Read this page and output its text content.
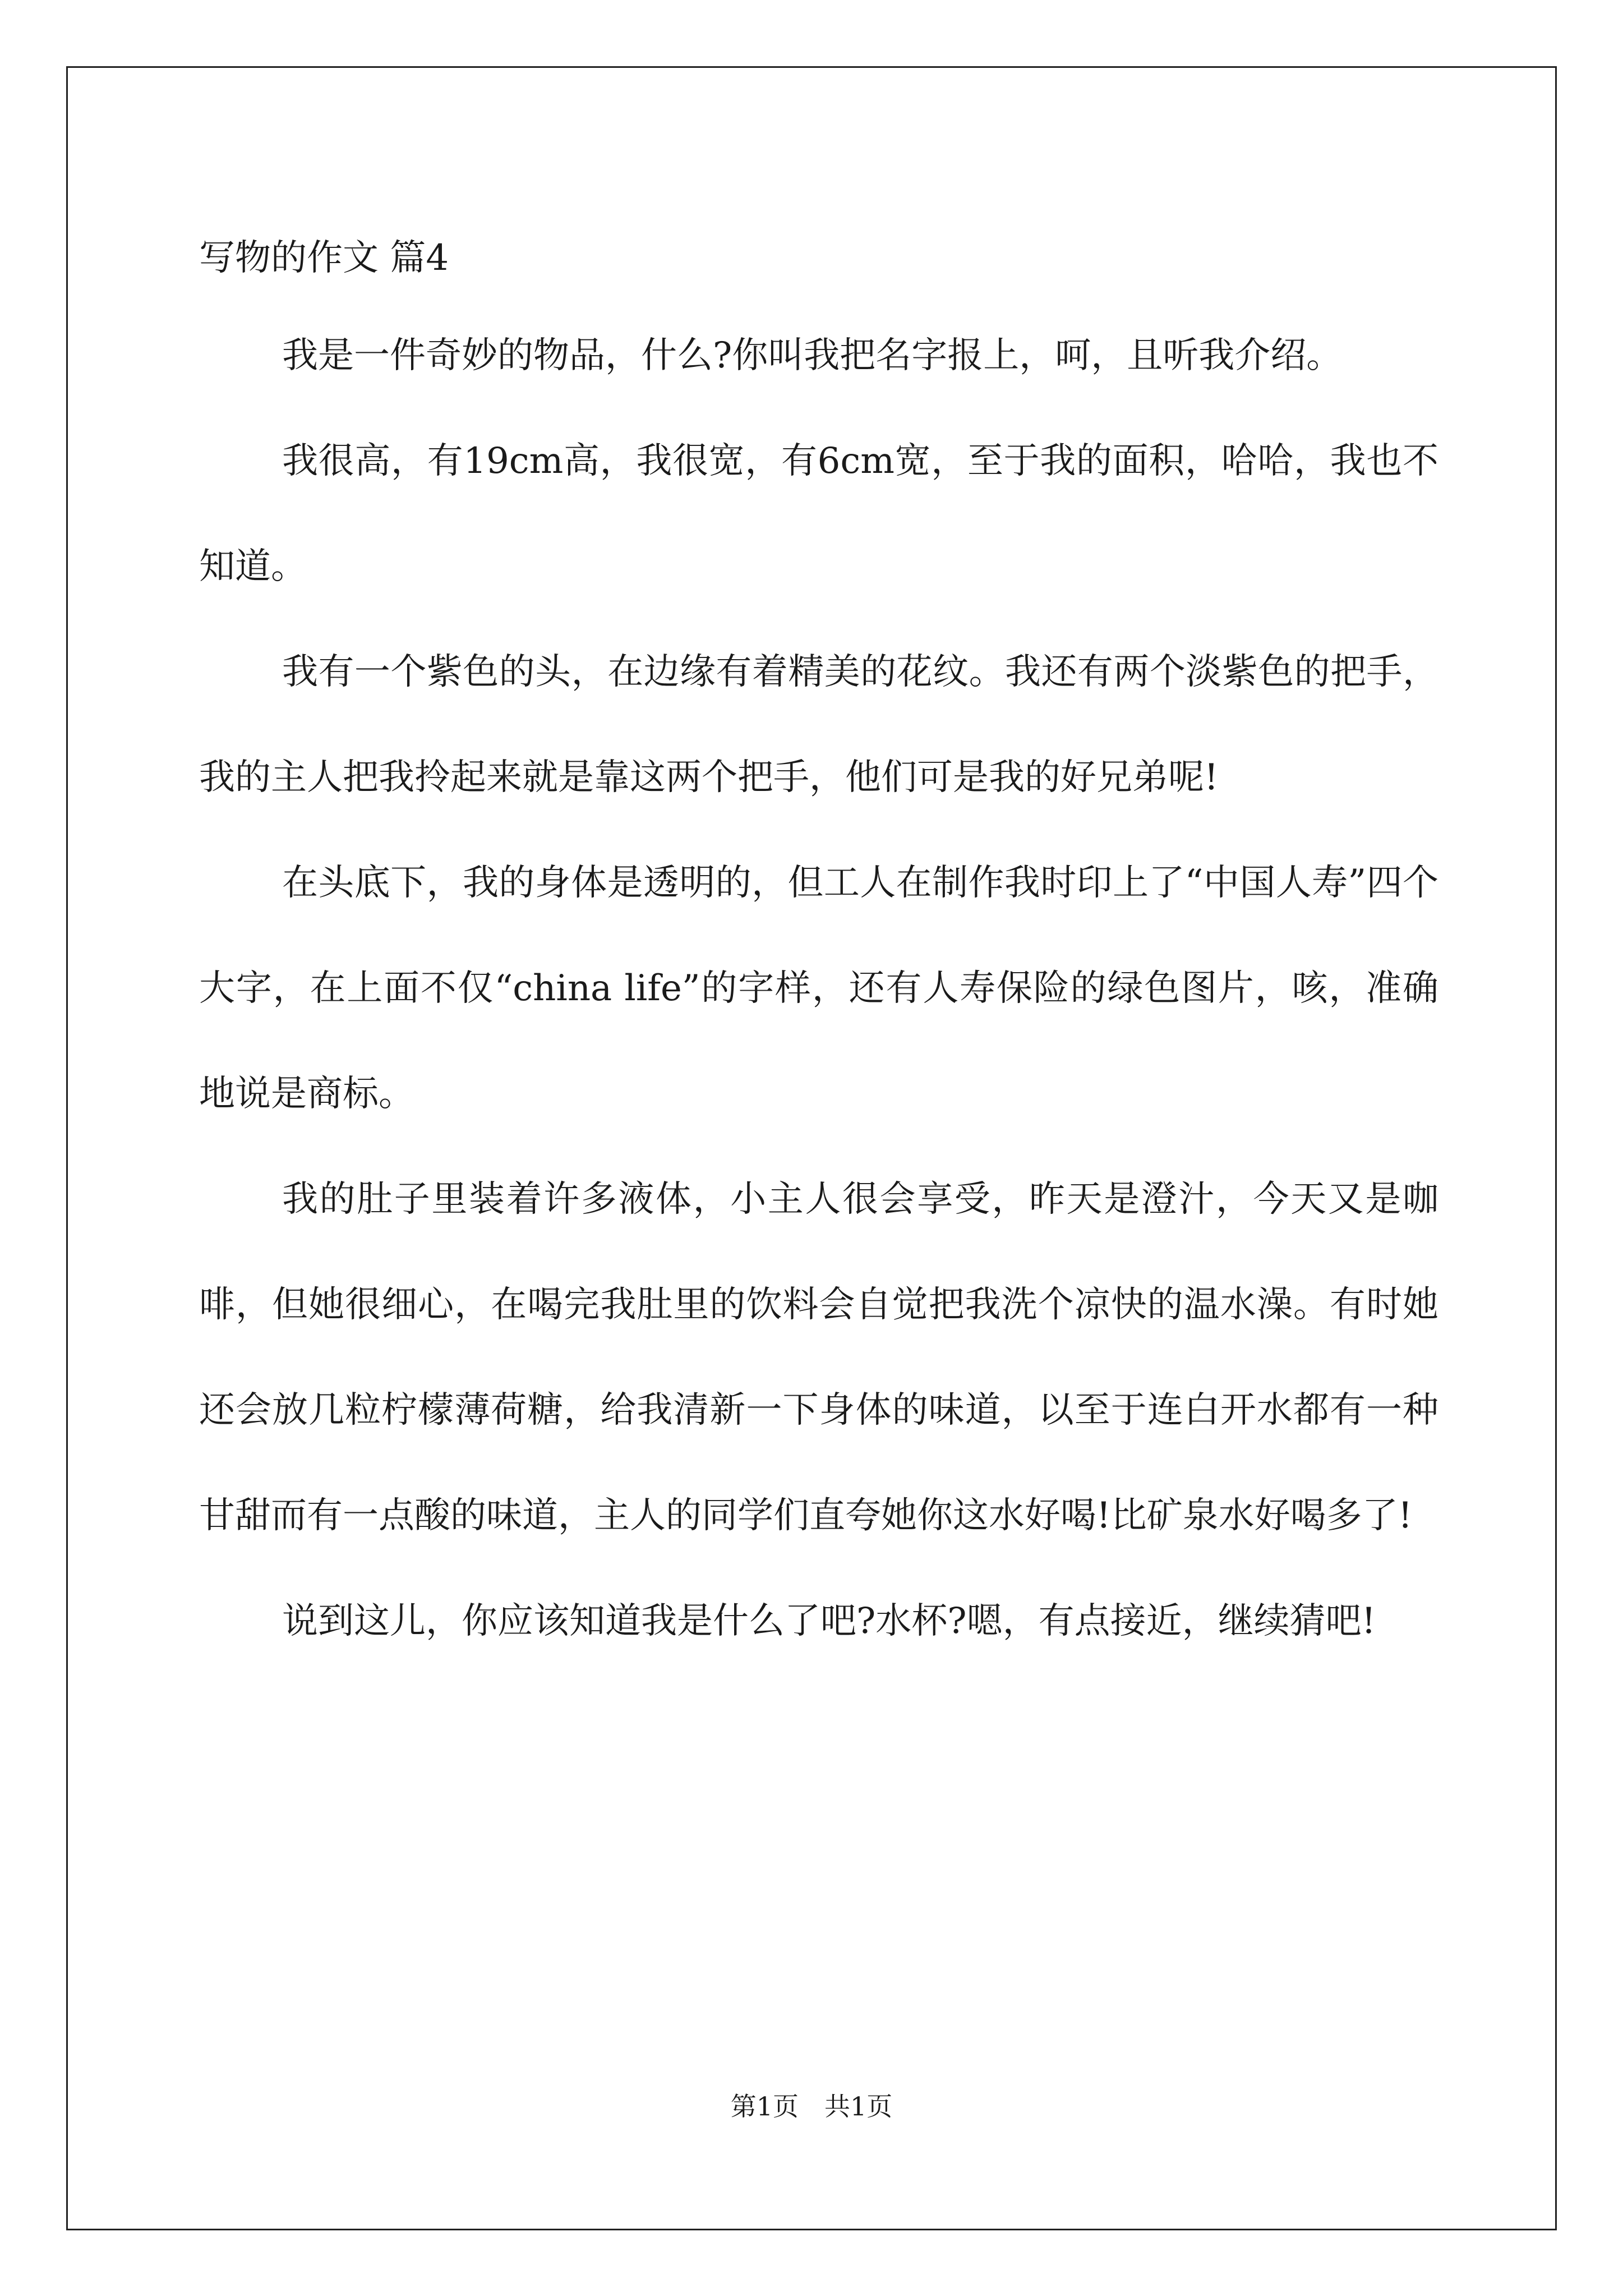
写物的作文 篇4

我是一件奇妙的物品，什么?你叫我把名字报上，呵，且听我介绍。

我很高，有19cm高，我很宽，有6cm宽，至于我的面积，哈哈，我也不知道。

我有一个紫色的头，在边缘有着精美的花纹。我还有两个淡紫色的把手，我的主人把我拎起来就是靠这两个把手，他们可是我的好兄弟呢!

在头底下，我的身体是透明的，但工人在制作我时印上了“中国人寿”四个大字，在上面不仅“china life”的字样，还有人寿保险的绿色图片，咳，准确地说是商标。

我的肚子里装着许多液体，小主人很会享受，昨天是澄汁，今天又是咖啡，但她很细心，在喝完我肚里的饮料会自觉把我洗个凉快的温水澡。有时她还会放几粒柠檬薄荷糖，给我清新一下身体的味道，以至于连白开水都有一种甘甜而有一点酸的味道，主人的同学们直夸她你这水好喝!比矿泉水好喝多了!

说到这儿，你应该知道我是什么了吧?水杯?嗯，有点接近，继续猜吧!

第1页　共1页
